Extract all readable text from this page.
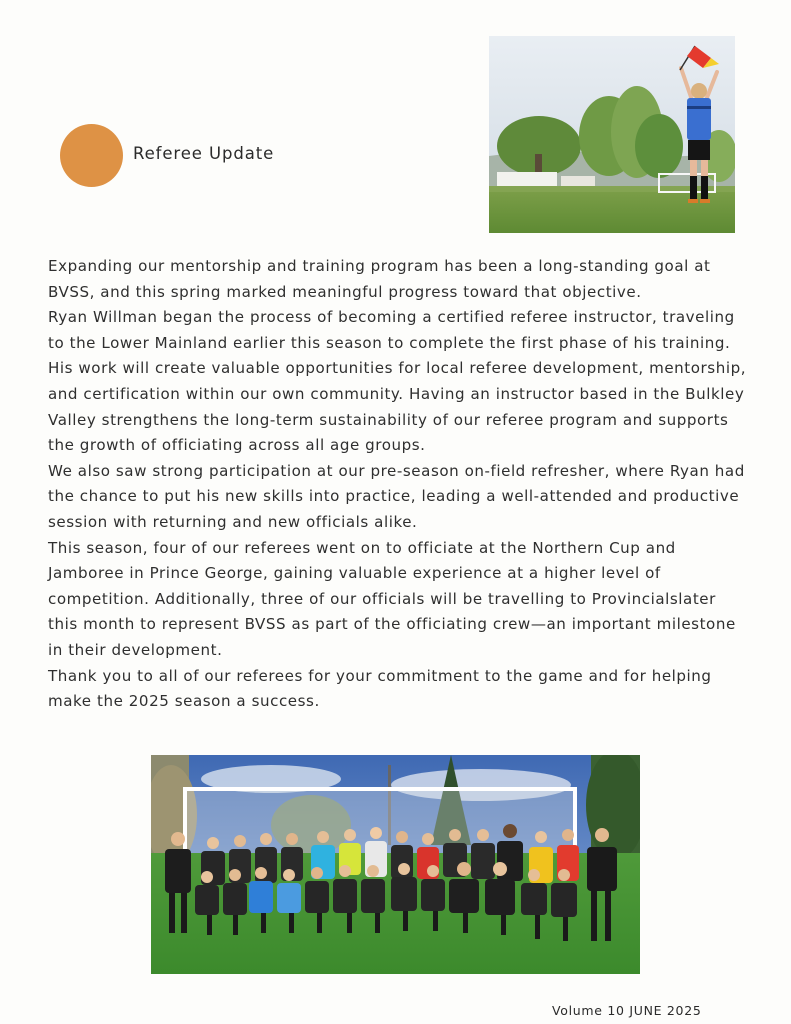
Referee Update

Expanding our mentorship and training program has been a long-standing goal at BVSS, and this spring marked meaningful progress toward that objective.

Ryan Willman began the process of becoming a certified referee instructor, traveling to the Lower Mainland earlier this season to complete the first phase of his training. His work will create valuable opportunities for local referee development, mentorship, and certification within our own community. Having an instructor based in the Bulkley Valley strengthens the long-term sustainability of our referee program and supports the growth of officiating across all age groups.

We also saw strong participation at our pre-season on-field refresher, where Ryan had the chance to put his new skills into practice, leading a well-attended and productive session with returning and new officials alike.

This season, four of our referees went on to officiate at the Northern Cup and Jamboree in Prince George, gaining valuable experience at a higher level of competition. Additionally, three of our officials will be travelling to Provincialslater this month to represent BVSS as part of the officiating crew—an important milestone in their development.

Thank you to all of our referees for your commitment to the game and for helping make the 2025 season a success.

Volume 10 JUNE 2025
